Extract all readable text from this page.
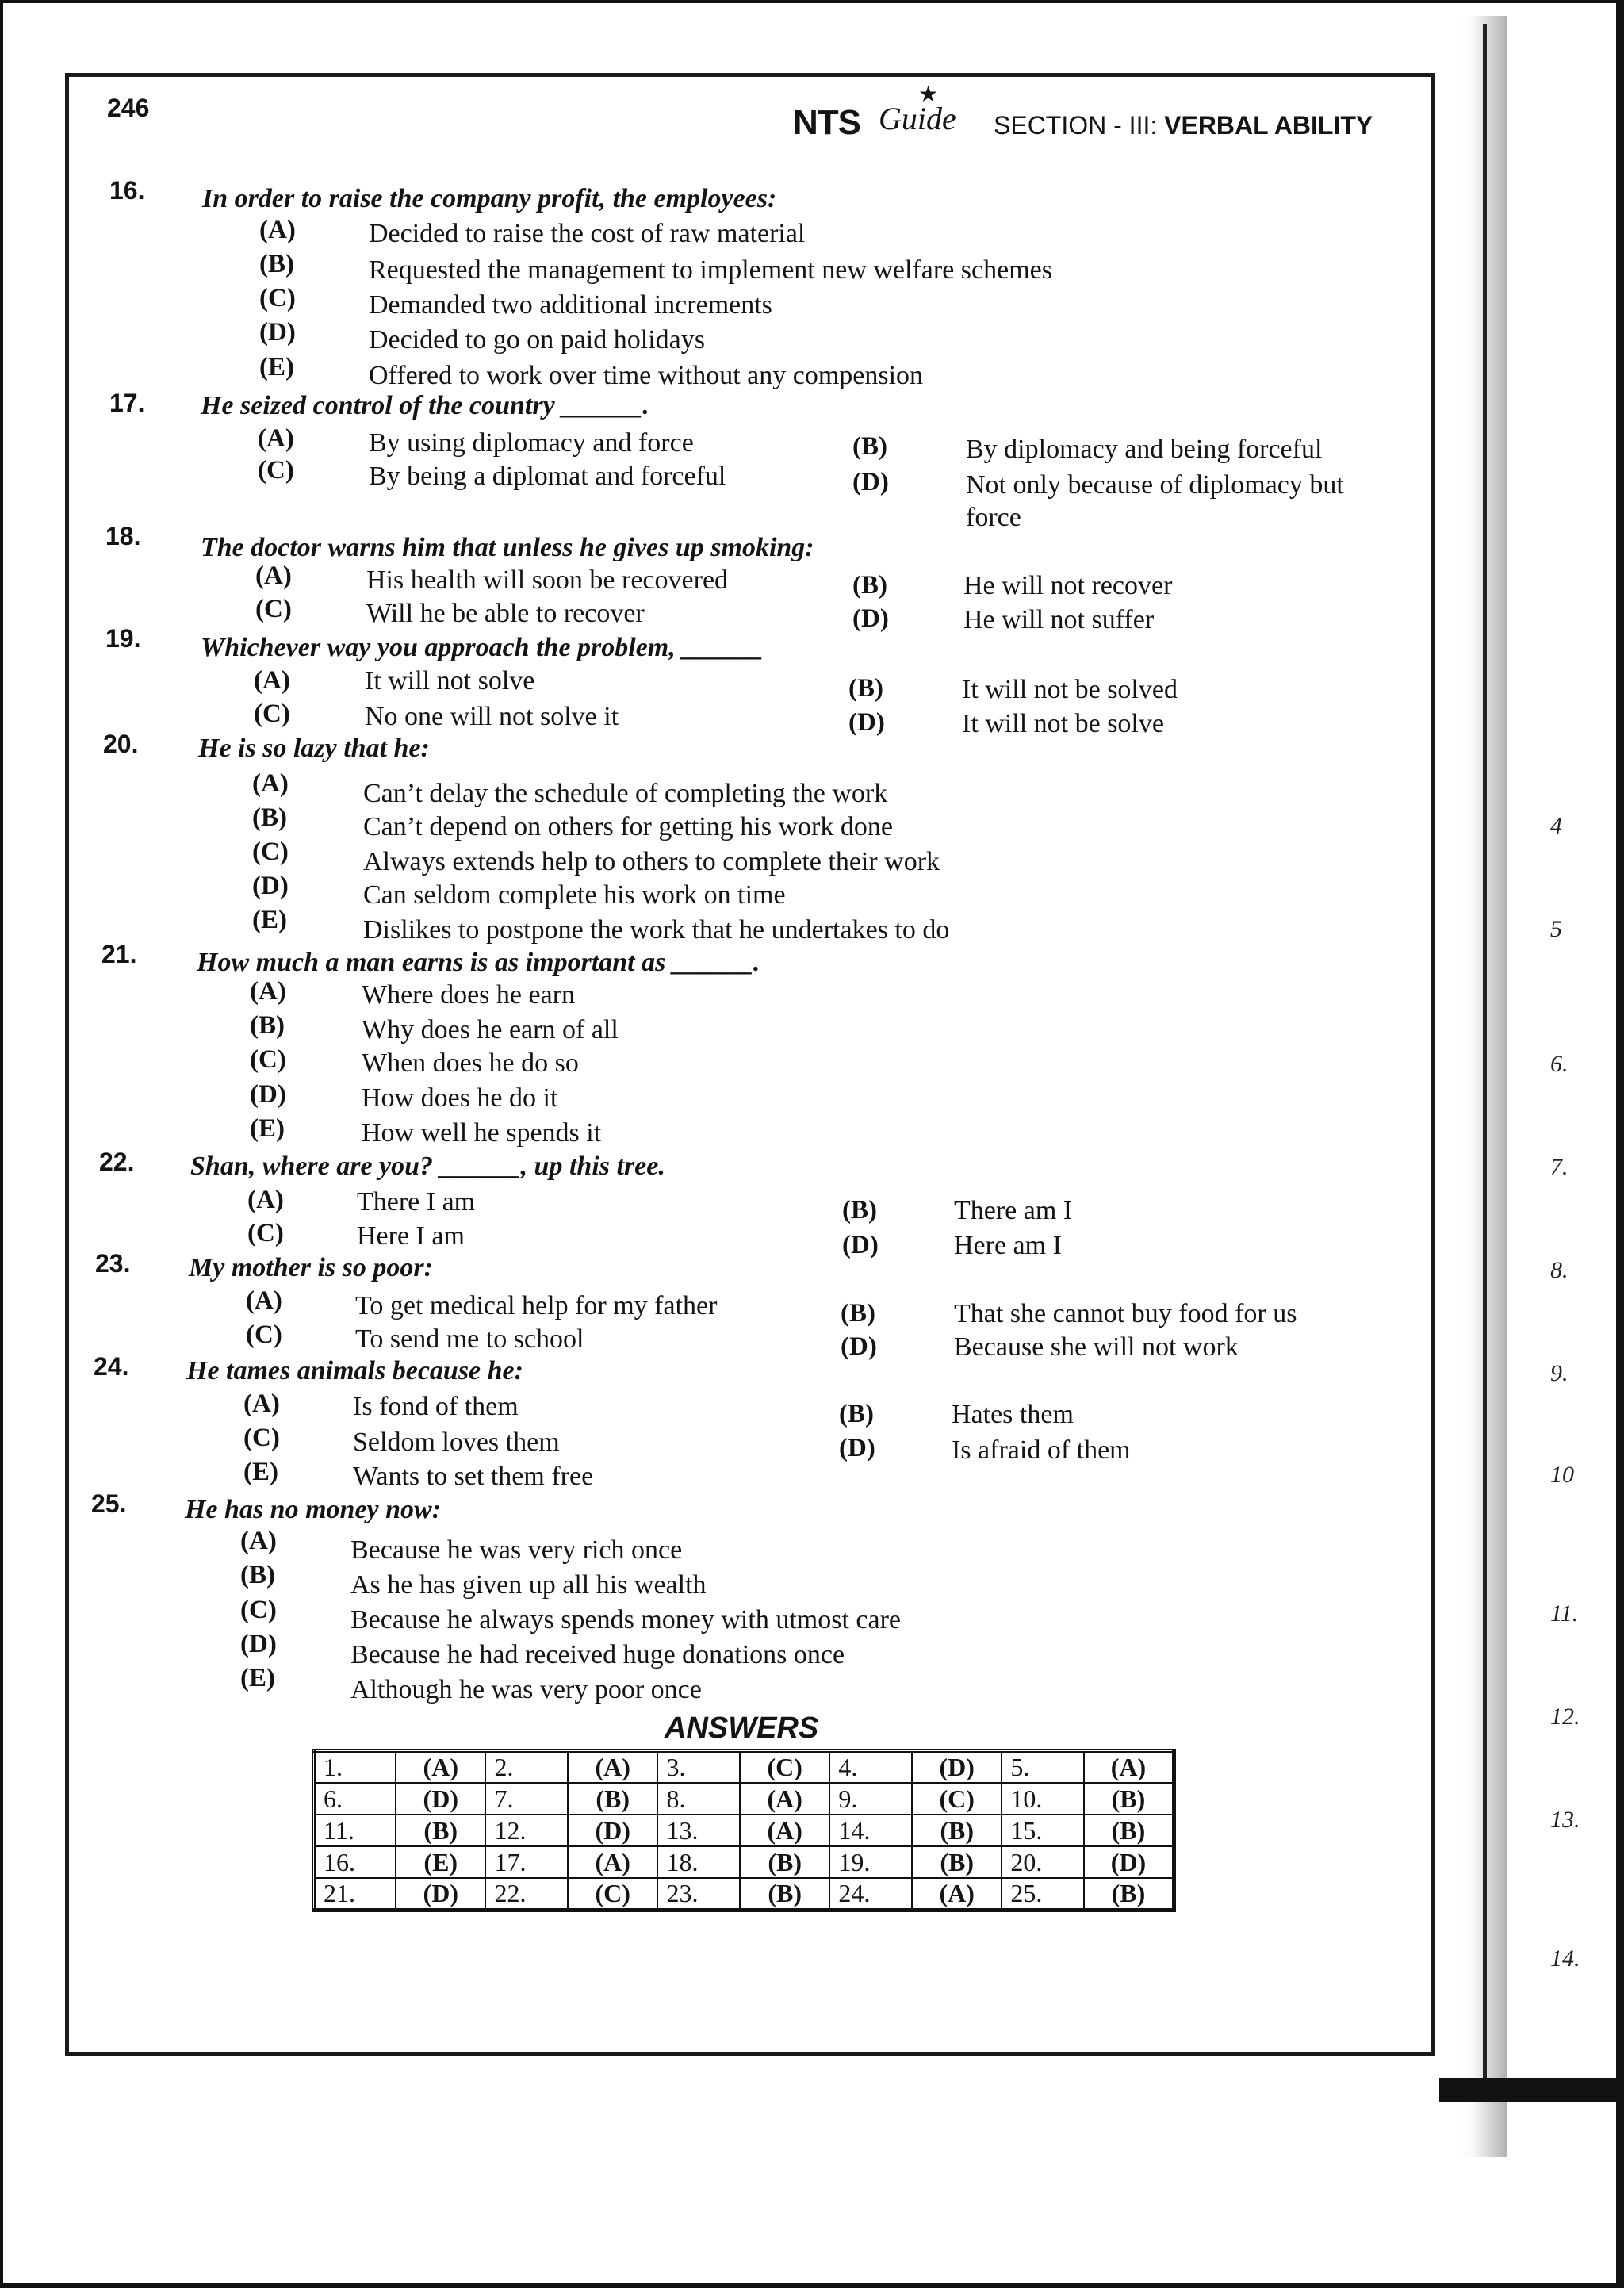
4
5
6.
7.
8.
9.
10
11.
12.
13.
14.
246	NTS
★
Guide SECTION - III: VERBAL ABILITY
16. In order to raise the company profit, the employees:
(A)	Decided to raise the cost of raw material
(B)	Requested the management to implement new welfare schemes
(C)	Demanded two additional increments
(D)	Decided to go on paid holidays
(E)	Offered to work over time without any compension
17. He seized control of the country ______.
(A)	By using diplomacy and force	(B)	By diplomacy and being forceful
(C)	By being a diplomat and forceful	(D)	Not only because of diplomacy but
force
18. The doctor warns him that unless he gives up smoking:
(A)	His health will soon be recovered	(B)	He will not recover
(C)	Will he be able to recover	(D)	He will not suffer
19. Whichever way you approach the problem, ______
(A)	It will not solve	(B)	It will not be solved
(C)	No one will not solve it	(D)	It will not be solve
20. He is so lazy that he:
(A)	Can’t delay the schedule of completing the work
(B)	Can’t depend on others for getting his work done
(C)	Always extends help to others to complete their work
(D)	Can seldom complete his work on time
(E)	Dislikes to postpone the work that he undertakes to do
21. How much a man earns is as important as ______.
(A)	Where does he earn
(B)	Why does he earn of all
(C)	When does he do so
(D)	How does he do it
(E)	How well he spends it
22. Shan, where are you? ______, up this tree.
(A)	There I am	(B)	There am I
(C)	Here I am	(D)	Here am I
23. My mother is so poor:
(A)	To get medical help for my father	(B)	That she cannot buy food for us
(C)	To send me to school	(D)	Because she will not work
24. He tames animals because he:
(A)	Is fond of them	(B)	Hates them
(C)	Seldom loves them	(D)	Is afraid of them
(E)	Wants to set them free
25. He has no money now:
(A)	Because he was very rich once
(B)	As he has given up all his wealth
(C)	Because he always spends money with utmost care
(D)	Because he had received huge donations once
(E)	Although he was very poor once
ANSWERS
1.	(A)	2.	(A)	3.	(C)	4.	(D)	5.	(A)
6.	(D)	7.	(B)	8.	(A)	9.	(C)	10.	(B)
11.	(B)	12.	(D)	13.	(A)	14.	(B)	15.	(B)
16.	(E)	17.	(A)	18.	(B)	19.	(B)	20.	(D)
21.	(D)	22.	(C)	23.	(B)	24.	(A)	25.	(B)
